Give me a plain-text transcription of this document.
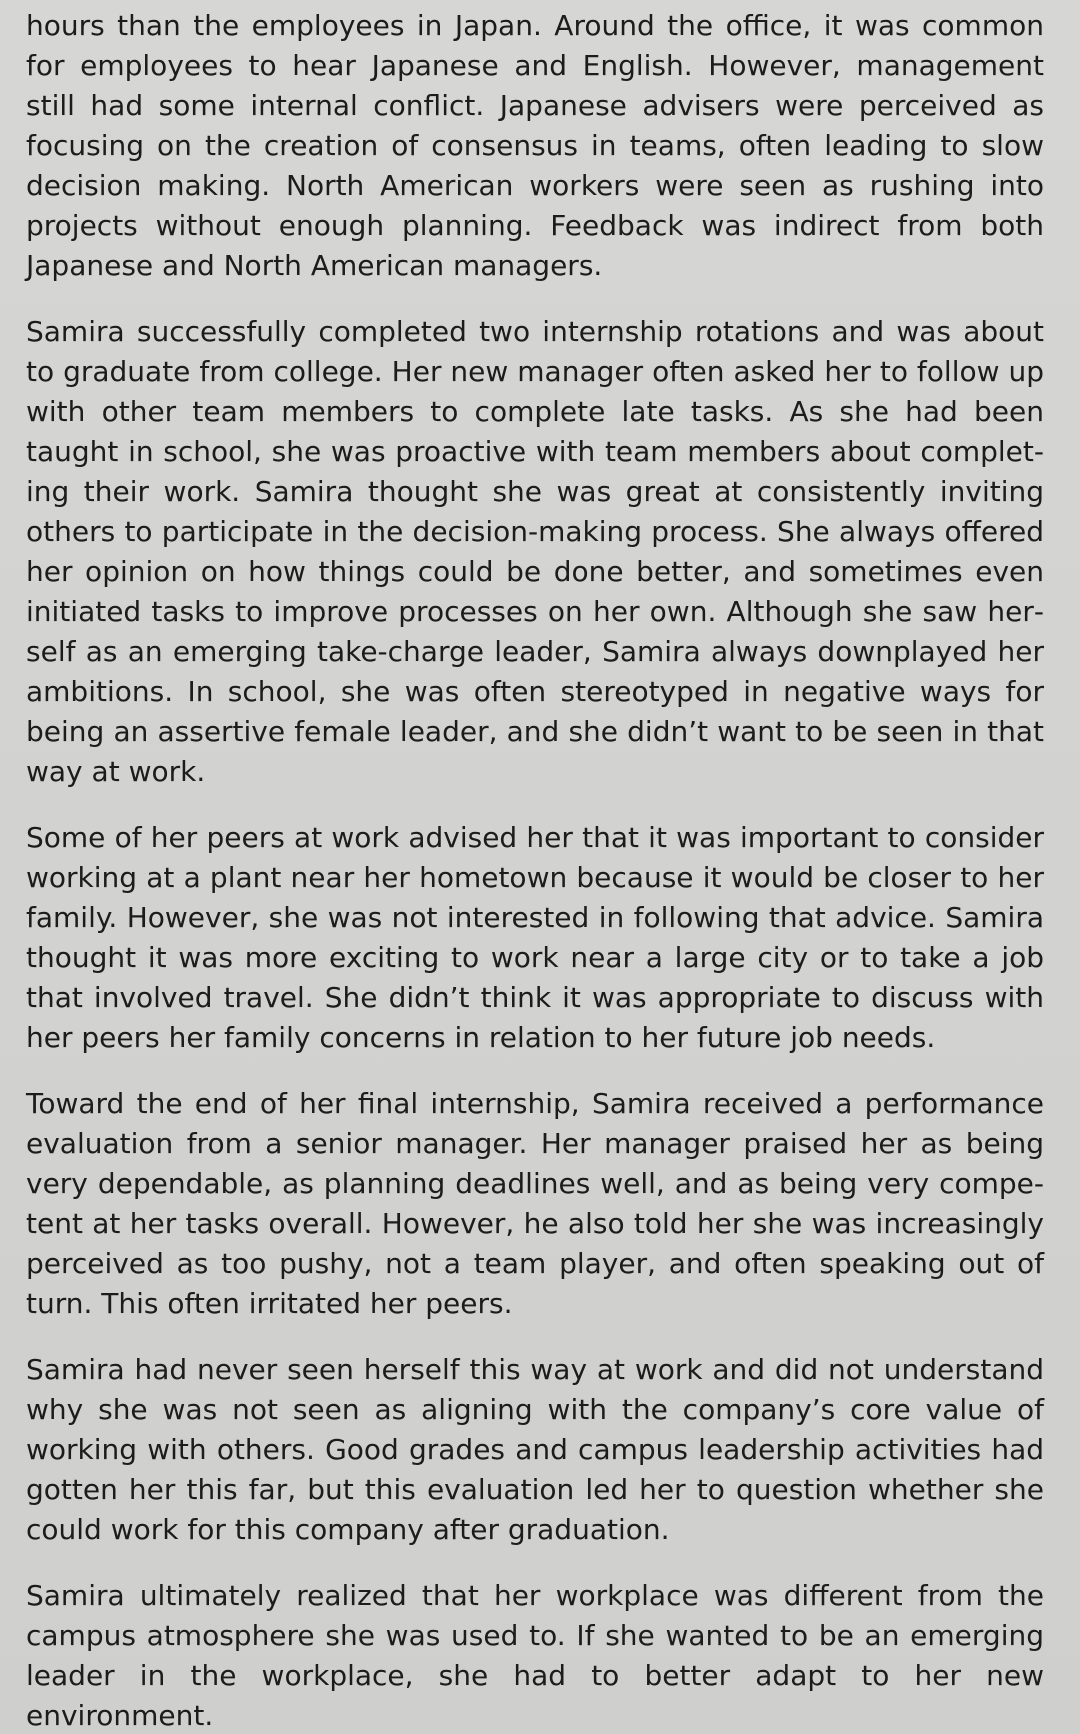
hours than the employees in Japan. Around the office, it was common for employees to hear Japanese and English. However, management still had some internal conflict. Japanese advisers were perceived as focusing on the creation of consensus in teams, often leading to slow decision making. North American workers were seen as rushing into projects without enough planning. Feedback was indirect from both Japanese and North American managers.

Samira successfully completed two internship rotations and was about to graduate from college. Her new manager often asked her to follow up with other team members to complete late tasks. As she had been taught in school, she was proactive with team members about completing their work. Samira thought she was great at consistently inviting others to participate in the decision-making process. She always offered her opinion on how things could be done better, and sometimes even initiated tasks to improve processes on her own. Although she saw herself as an emerging take-charge leader, Samira always downplayed her ambitions. In school, she was often stereotyped in negative ways for being an assertive female leader, and she didn’t want to be seen in that way at work.

Some of her peers at work advised her that it was important to consider working at a plant near her hometown because it would be closer to her family. However, she was not interested in following that advice. Samira thought it was more exciting to work near a large city or to take a job that involved travel. She didn’t think it was appropriate to discuss with her peers her family concerns in relation to her future job needs.

Toward the end of her final internship, Samira received a performance evaluation from a senior manager. Her manager praised her as being very dependable, as planning deadlines well, and as being very competent at her tasks overall. However, he also told her she was increasingly perceived as too pushy, not a team player, and often speaking out of turn. This often irritated her peers.

Samira had never seen herself this way at work and did not understand why she was not seen as aligning with the company’s core value of working with others. Good grades and campus leadership activities had gotten her this far, but this evaluation led her to question whether she could work for this company after graduation.

Samira ultimately realized that her workplace was different from the campus atmosphere she was used to. If she wanted to be an emerging leader in the workplace, she had to better adapt to her new environment.
